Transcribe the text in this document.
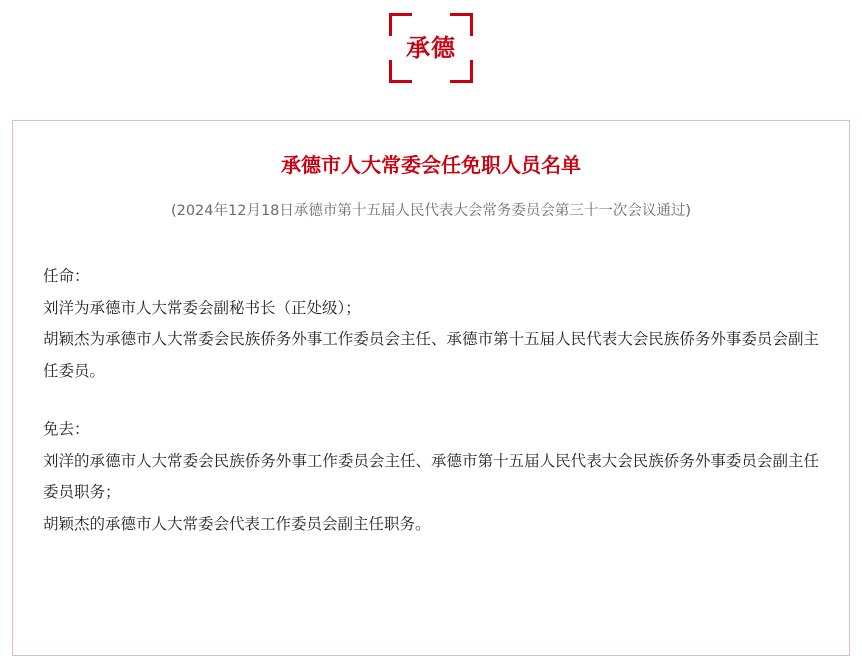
承德
承德市人大常委会任免职人员名单
(2024年12月18日承德市第十五届人民代表大会常务委员会第三十一次会议通过)

任命：

刘洋为承德市人大常委会副秘书长（正处级）；

胡颖杰为承德市人大常委会民族侨务外事工作委员会主任、承德市第十五届人民代表大会民族侨务外事委员会副主任委员。

免去：

刘洋的承德市人大常委会民族侨务外事工作委员会主任、承德市第十五届人民代表大会民族侨务外事委员会副主任委员职务；

胡颖杰的承德市人大常委会代表工作委员会副主任职务。
